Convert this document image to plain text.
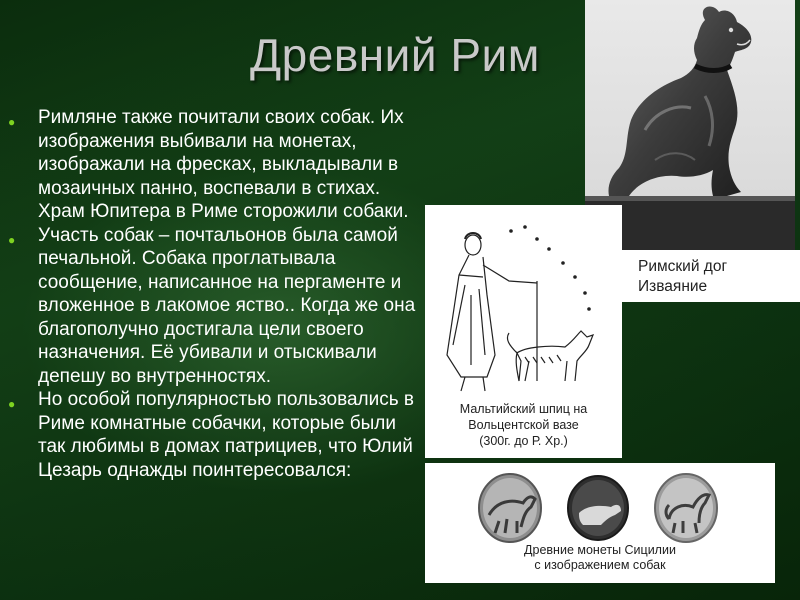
Древний Рим
● Римляне также почитали своих собак. Их изображения выбивали на монетах, изображали на фресках, выкладывали в мозаичных панно, воспевали в стихах. Храм Юпитера в Риме сторожили собаки.
● Участь собак – почтальонов была самой печальной. Собака проглатывала сообщение, написанное на пергаменте и вложенное в лакомое яство.. Когда же она благополучно достигала цели своего назначения. Её убивали и отыскивали депешу во внутренностях.
● Но особой популярностью пользовались в Риме комнатные собачки, которые были так любимы в домах патрициев, что Юлий Цезарь однажды поинтересовался:
Римский дог
Изваяние
Мальтийский шпиц на
Вольцентской вазе
(300г. до Р. Хр.)
Древние монеты Сицилии
с изображением собак
